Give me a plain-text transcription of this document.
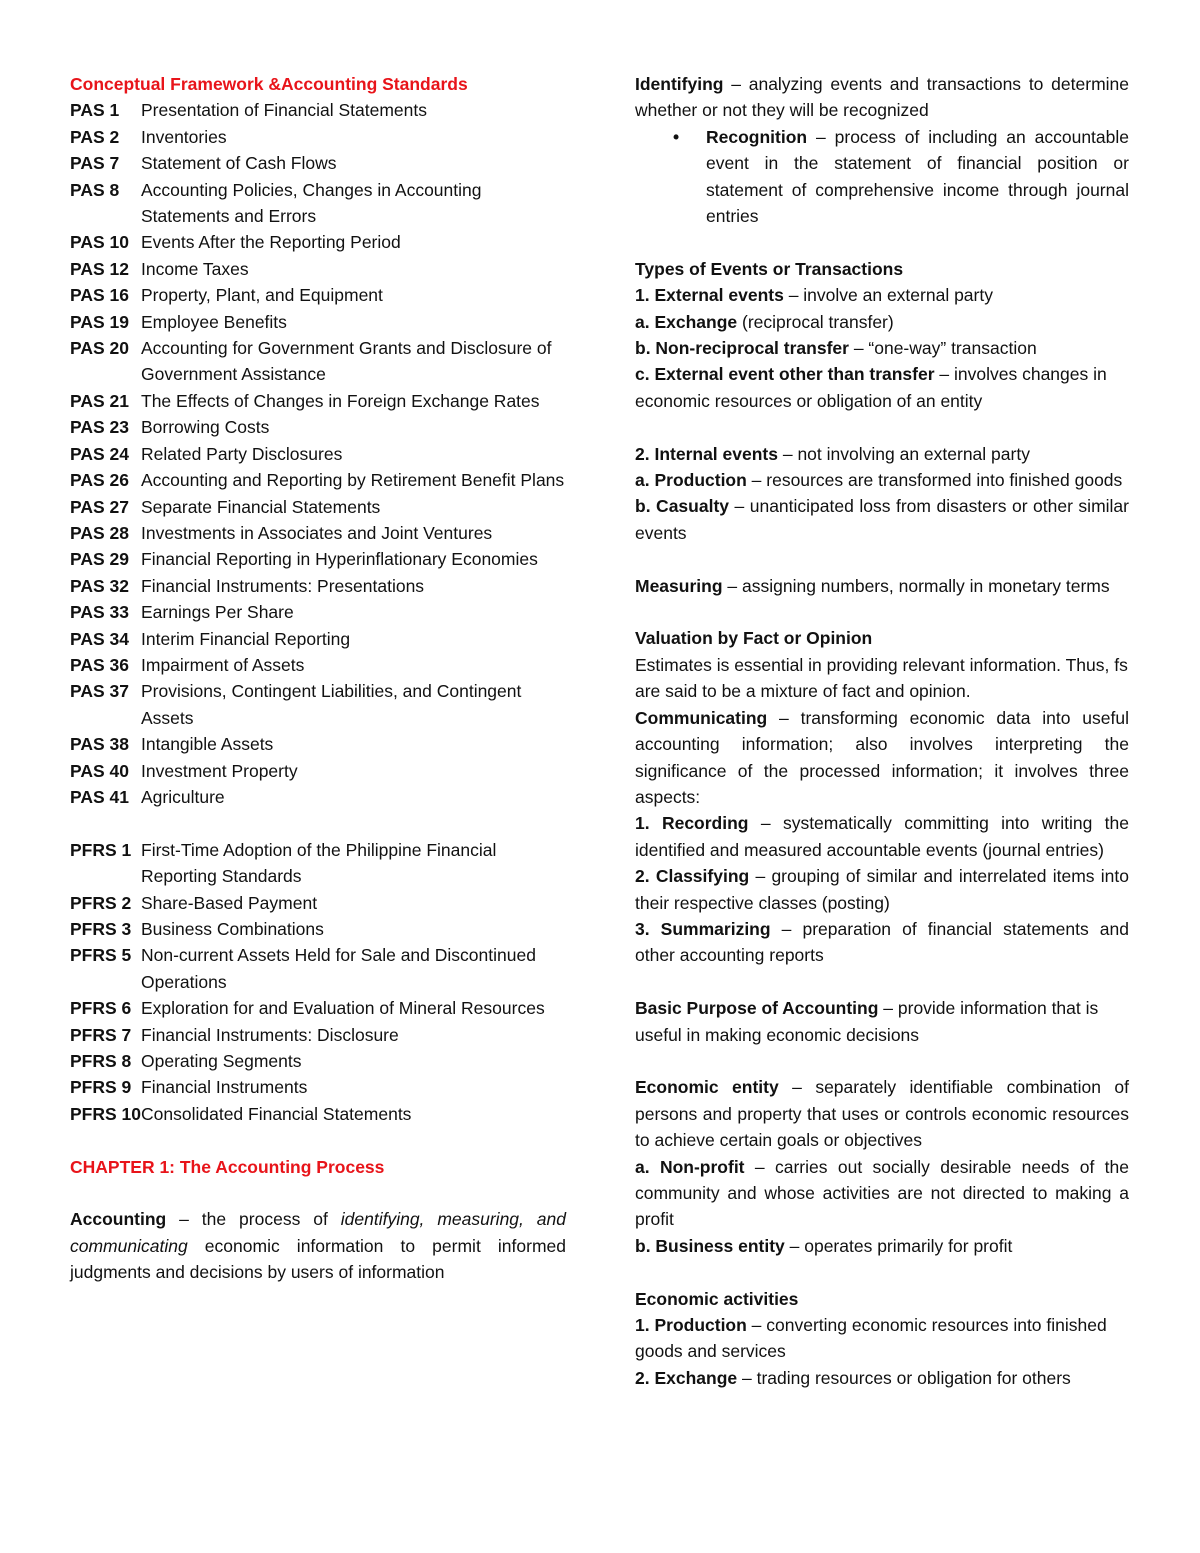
Conceptual Framework &Accounting Standards
PAS 1	Presentation of Financial Statements
PAS 2	Inventories
PAS 7	Statement of Cash Flows
PAS 8	Accounting Policies, Changes in Accounting Statements and Errors
PAS 10 Events After the Reporting Period
PAS 12 Income Taxes
PAS 16 Property, Plant, and Equipment
PAS 19 Employee Benefits
PAS 20 Accounting for Government Grants and Disclosure of Government Assistance
PAS 21 The Effects of Changes in Foreign Exchange Rates
PAS 23 Borrowing Costs
PAS 24 Related Party Disclosures
PAS 26 Accounting and Reporting by Retirement Benefit Plans
PAS 27 Separate Financial Statements
PAS 28 Investments in Associates and Joint Ventures
PAS 29 Financial Reporting in Hyperinflationary Economies
PAS 32 Financial Instruments: Presentations
PAS 33 Earnings Per Share
PAS 34 Interim Financial Reporting
PAS 36 Impairment of Assets
PAS 37 Provisions, Contingent Liabilities, and Contingent Assets
PAS 38 Intangible Assets
PAS 40 Investment Property
PAS 41 Agriculture
PFRS 1 First-Time Adoption of the Philippine Financial Reporting Standards
PFRS 2 Share-Based Payment
PFRS 3 Business Combinations
PFRS 5 Non-current Assets Held for Sale and Discontinued Operations
PFRS 6 Exploration for and Evaluation of Mineral Resources
PFRS 7 Financial Instruments: Disclosure
PFRS 8 Operating Segments
PFRS 9 Financial Instruments
PFRS 10 Consolidated Financial Statements
CHAPTER 1: The Accounting Process
Accounting – the process of identifying, measuring, and communicating economic information to permit informed judgments and decisions by users of information
Identifying – analyzing events and transactions to determine whether or not they will be recognized
•	Recognition – process of including an accountable event in the statement of financial position or statement of comprehensive income through journal entries
Types of Events or Transactions
1. External events – involve an external party
a. Exchange (reciprocal transfer)
b. Non-reciprocal transfer – “one-way” transaction
c. External event other than transfer – involves changes in economic resources or obligation of an entity
2. Internal events – not involving an external party
a. Production – resources are transformed into finished goods
b. Casualty – unanticipated loss from disasters or other similar events
Measuring – assigning numbers, normally in monetary terms
Valuation by Fact or Opinion
Estimates is essential in providing relevant information. Thus, fs are said to be a mixture of fact and opinion.
Communicating – transforming economic data into useful accounting information; also involves interpreting the significance of the processed information; it involves three aspects:
1. Recording – systematically committing into writing the identified and measured accountable events (journal entries)
2. Classifying – grouping of similar and interrelated items into their respective classes (posting)
3. Summarizing – preparation of financial statements and other accounting reports
Basic Purpose of Accounting – provide information that is useful in making economic decisions
Economic entity – separately identifiable combination of persons and property that uses or controls economic resources to achieve certain goals or objectives
a. Non-profit – carries out socially desirable needs of the community and whose activities are not directed to making a profit
b. Business entity – operates primarily for profit
Economic activities
1. Production – converting economic resources into finished goods and services
2. Exchange – trading resources or obligation for others
